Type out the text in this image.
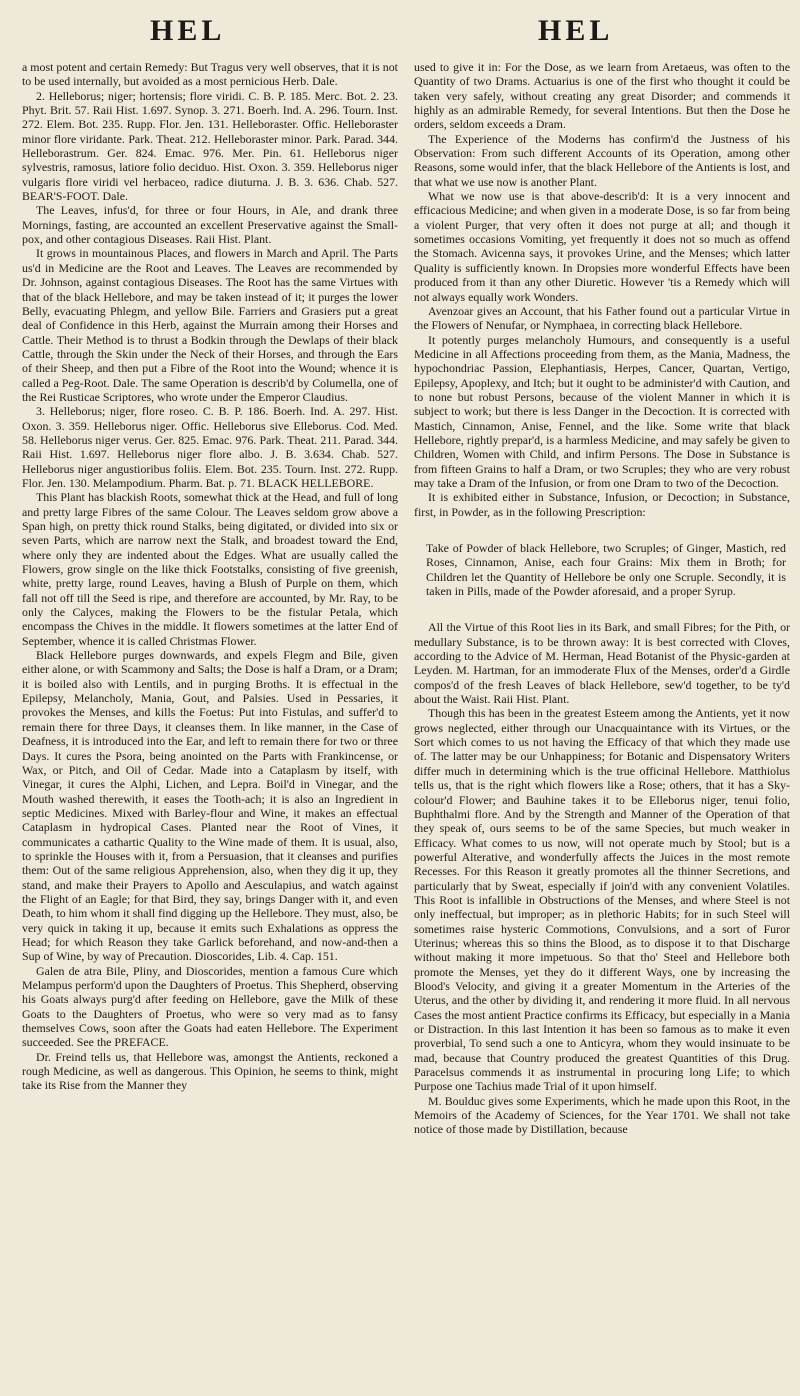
HEL	HEL

a most potent and certain Remedy: But Tragus very well observes, that it is not to be used internally, but avoided as a most pernicious Herb. Dale.

2. Helleborus; niger; hortensis; flore viridi. C. B. P. 185. Merc. Bot. 2. 23. Phyt. Brit. 57. Raii Hist. 1.697. Synop. 3. 271. Boerh. Ind. A. 296. Tourn. Inst. 272. Elem. Bot. 235. Rupp. Flor. Jen. 131. Helleboraster. Offic. Helleboraster minor flore viridante. Park. Theat. 212. Helleboraster minor. Park. Parad. 344. Helleborastrum. Ger. 824. Emac. 976. Mer. Pin. 61. Helleborus niger sylvestris, ramosus, latiore folio deciduo. Hist. Oxon. 3. 359. Helleborus niger vulgaris flore viridi vel herbaceo, radice diuturna. J. B. 3. 636. Chab. 527. BEAR'S-FOOT. Dale.

The Leaves, infus'd, for three or four Hours, in Ale, and drank three Mornings, fasting, are accounted an excellent Preservative against the Small-pox, and other contagious Diseases. Raii Hist. Plant.

It grows in mountainous Places, and flowers in March and April. The Parts us'd in Medicine are the Root and Leaves. The Leaves are recommended by Dr. Johnson, against contagious Diseases. The Root has the same Virtues with that of the black Hellebore, and may be taken instead of it; it purges the lower Belly, evacuating Phlegm, and yellow Bile. Farriers and Grasiers put a great deal of Confidence in this Herb, against the Murrain among their Horses and Cattle. Their Method is to thrust a Bodkin through the Dewlaps of their black Cattle, through the Skin under the Neck of their Horses, and through the Ears of their Sheep, and then put a Fibre of the Root into the Wound; whence it is called a Peg-Root. Dale. The same Operation is describ'd by Columella, one of the Rei Rusticae Scriptores, who wrote under the Emperor Claudius.

3. Helleborus; niger, flore roseo. C. B. P. 186. Boerh. Ind. A. 297. Hist. Oxon. 3. 359. Helleborus niger. Offic. Helleborus sive Elleborus. Cod. Med. 58. Helleborus niger verus. Ger. 825. Emac. 976. Park. Theat. 211. Parad. 344. Raii Hist. 1.697. Helleborus niger flore albo. J. B. 3.634. Chab. 527. Helleborus niger angustioribus foliis. Elem. Bot. 235. Tourn. Inst. 272. Rupp. Flor. Jen. 130. Melampodium. Pharm. Bat. p. 71. BLACK HELLEBORE.

This Plant has blackish Roots, somewhat thick at the Head, and full of long and pretty large Fibres of the same Colour. The Leaves seldom grow above a Span high, on pretty thick round Stalks, being digitated, or divided into six or seven Parts, which are narrow next the Stalk, and broadest toward the End, where only they are indented about the Edges. What are usually called the Flowers, grow single on the like thick Footstalks, consisting of five greenish, white, pretty large, round Leaves, having a Blush of Purple on them, which fall not off till the Seed is ripe, and therefore are accounted, by Mr. Ray, to be only the Calyces, making the Flowers to be the fistular Petala, which encompass the Chives in the middle. It flowers sometimes at the latter End of September, whence it is called Christmas Flower.

Black Hellebore purges downwards, and expels Flegm and Bile, given either alone, or with Scammony and Salts; the Dose is half a Dram, or a Dram; it is boiled also with Lentils, and in purging Broths. It is effectual in the Epilepsy, Melancholy, Mania, Gout, and Palsies. Used in Pessaries, it provokes the Menses, and kills the Foetus: Put into Fistulas, and suffer'd to remain there for three Days, it cleanses them. In like manner, in the Case of Deafness, it is introduced into the Ear, and left to remain there for two or three Days. It cures the Psora, being anointed on the Parts with Frankincense, or Wax, or Pitch, and Oil of Cedar. Made into a Cataplasm by itself, with Vinegar, it cures the Alphi, Lichen, and Lepra. Boil'd in Vinegar, and the Mouth washed therewith, it eases the Tooth-ach; it is also an Ingredient in septic Medicines. Mixed with Barley-flour and Wine, it makes an effectual Cataplasm in hydropical Cases. Planted near the Root of Vines, it communicates a cathartic Quality to the Wine made of them. It is usual, also, to sprinkle the Houses with it, from a Persuasion, that it cleanses and purifies them: Out of the same religious Apprehension, also, when they dig it up, they stand, and make their Prayers to Apollo and Aesculapius, and watch against the Flight of an Eagle; for that Bird, they say, brings Danger with it, and even Death, to him whom it shall find digging up the Hellebore. They must, also, be very quick in taking it up, because it emits such Exhalations as oppress the Head; for which Reason they take Garlick beforehand, and now-and-then a Sup of Wine, by way of Precaution. Dioscorides, Lib. 4. Cap. 151.

Galen de atra Bile, Pliny, and Dioscorides, mention a famous Cure which Melampus perform'd upon the Daughters of Proetus. This Shepherd, observing his Goats always purg'd after feeding on Hellebore, gave the Milk of these Goats to the Daughters of Proetus, who were so very mad as to fansy themselves Cows, soon after the Goats had eaten Hellebore. The Experiment succeeded. See the PREFACE.

Dr. Freind tells us, that Hellebore was, amongst the Antients, reckoned a rough Medicine, as well as dangerous. This Opinion, he seems to think, might take its Rise from the Manner they

used to give it in: For the Dose, as we learn from Aretaeus, was often to the Quantity of two Drams. Actuarius is one of the first who thought it could be taken very safely, without creating any great Disorder; and commends it highly as an admirable Remedy, for several Intentions. But then the Dose he orders, seldom exceeds a Dram.

The Experience of the Moderns has confirm'd the Justness of his Observation: From such different Accounts of its Operation, among other Reasons, some would infer, that the black Hellebore of the Antients is lost, and that what we use now is another Plant.

What we now use is that above-describ'd: It is a very innocent and efficacious Medicine; and when given in a moderate Dose, is so far from being a violent Purger, that very often it does not purge at all; and though it sometimes occasions Vomiting, yet frequently it does not so much as offend the Stomach. Avicenna says, it provokes Urine, and the Menses; which latter Quality is sufficiently known. In Dropsies more wonderful Effects have been produced from it than any other Diuretic. However 'tis a Remedy which will not always equally work Wonders.

Avenzoar gives an Account, that his Father found out a particular Virtue in the Flowers of Nenufar, or Nymphaea, in correcting black Hellebore.

It potently purges melancholy Humours, and consequently is a useful Medicine in all Affections proceeding from them, as the Mania, Madness, the hypochondriac Passion, Elephantiasis, Herpes, Cancer, Quartan, Vertigo, Epilepsy, Apoplexy, and Itch; but it ought to be administer'd with Caution, and to none but robust Persons, because of the violent Manner in which it is subject to work; but there is less Danger in the Decoction. It is corrected with Mastich, Cinnamon, Anise, Fennel, and the like. Some write that black Hellebore, rightly prepar'd, is a harmless Medicine, and may safely be given to Children, Women with Child, and infirm Persons. The Dose in Substance is from fifteen Grains to half a Dram, or two Scruples; they who are very robust may take a Dram of the Infusion, or from one Dram to two of the Decoction.

It is exhibited either in Substance, Infusion, or Decoction; in Substance, first, in Powder, as in the following Prescription:

Take of Powder of black Hellebore, two Scruples; of Ginger, Mastich, red Roses, Cinnamon, Anise, each four Grains: Mix them in Broth; for Children let the Quantity of Hellebore be only one Scruple. Secondly, it is taken in Pills, made of the Powder aforesaid, and a proper Syrup.

All the Virtue of this Root lies in its Bark, and small Fibres; for the Pith, or medullary Substance, is to be thrown away: It is best corrected with Cloves, according to the Advice of M. Herman, Head Botanist of the Physic-garden at Leyden. M. Hartman, for an immoderate Flux of the Menses, order'd a Girdle compos'd of the fresh Leaves of black Hellebore, sew'd together, to be ty'd about the Waist. Raii Hist. Plant.

Though this has been in the greatest Esteem among the Antients, yet it now grows neglected, either through our Unacquaintance with its Virtues, or the Sort which comes to us not having the Efficacy of that which they made use of. The latter may be our Unhappiness; for Botanic and Dispensatory Writers differ much in determining which is the true officinal Hellebore. Matthiolus tells us, that is the right which flowers like a Rose; others, that it has a Sky-colour'd Flower; and Bauhine takes it to be Elleborus niger, tenui folio, Buphthalmi flore. And by the Strength and Manner of the Operation of that they speak of, ours seems to be of the same Species, but much weaker in Efficacy. What comes to us now, will not operate much by Stool; but is a powerful Alterative, and wonderfully affects the Juices in the most remote Recesses. For this Reason it greatly promotes all the thinner Secretions, and particularly that by Sweat, especially if join'd with any convenient Volatiles. This Root is infallible in Obstructions of the Menses, and where Steel is not only ineffectual, but improper; as in plethoric Habits; for in such Steel will sometimes raise hysteric Commotions, Convulsions, and a sort of Furor Uterinus; whereas this so thins the Blood, as to dispose it to that Discharge without making it more impetuous. So that tho' Steel and Hellebore both promote the Menses, yet they do it different Ways, one by increasing the Blood's Velocity, and giving it a greater Momentum in the Arteries of the Uterus, and the other by dividing it, and rendering it more fluid. In all nervous Cases the most antient Practice confirms its Efficacy, but especially in a Mania or Distraction. In this last Intention it has been so famous as to make it even proverbial, To send such a one to Anticyra, whom they would insinuate to be mad, because that Country produced the greatest Quantities of this Drug. Paracelsus commends it as instrumental in procuring long Life; to which Purpose one Tachius made Trial of it upon himself.

M. Boulduc gives some Experiments, which he made upon this Root, in the Memoirs of the Academy of Sciences, for the Year 1701. We shall not take notice of those made by Distillation, because
